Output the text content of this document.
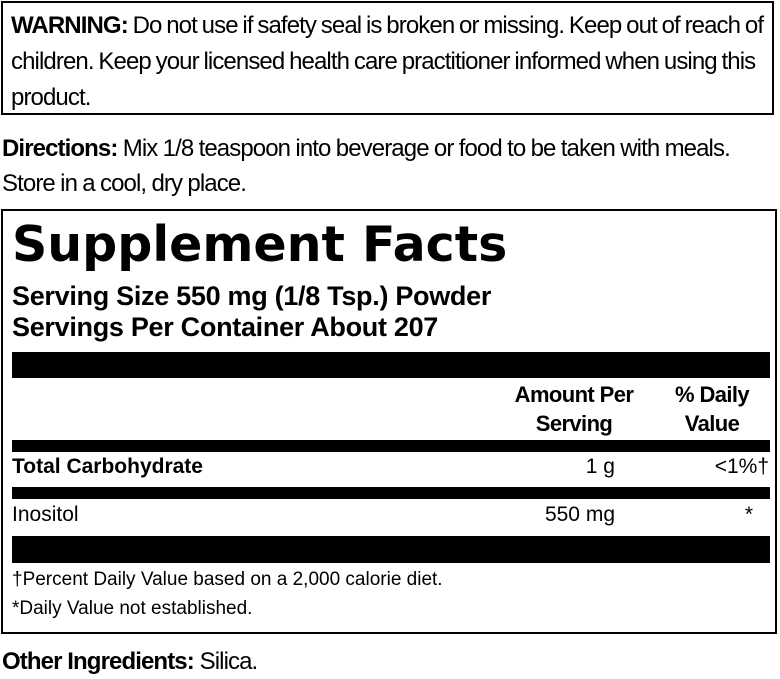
WARNING: Do not use if safety seal is broken or missing. Keep out of reach of children. Keep your licensed health care practitioner informed when using this product.
Directions: Mix 1/8 teaspoon into beverage or food to be taken with meals. Store in a cool, dry place.
Supplement Facts
Serving Size 550 mg (1/8 Tsp.) Powder
Servings Per Container About 207
Amount Per
Serving
% Daily
Value
Total Carbohydrate	1 g	<1%†
Inositol	550 mg	*
†Percent Daily Value based on a 2,000 calorie diet.
*Daily Value not established.
Other Ingredients: Silica.
